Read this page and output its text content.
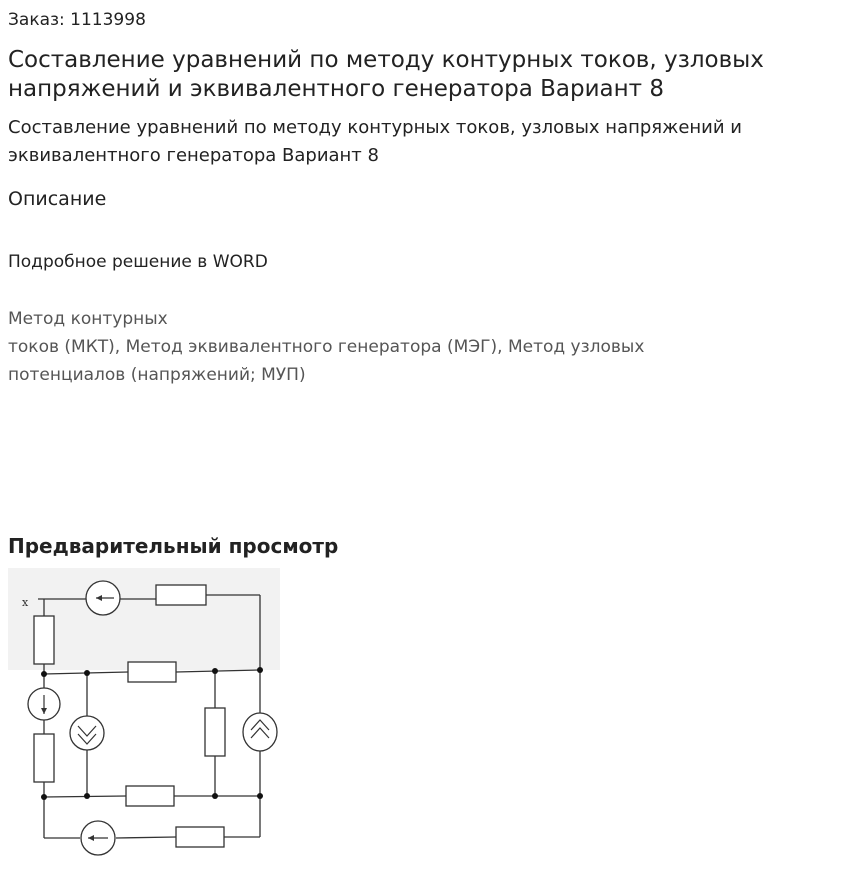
Заказ: 1113998
Составление уравнений по методу контурных токов, узловых напряжений и эквивалентного генератора Вариант 8
Составление уравнений по методу контурных токов, узловых напряжений и эквивалентного генератора Вариант 8
Описание
Подробное решение в WORD
Метод контурных
токов (МКТ), Метод эквивалентного генератора (МЭГ), Метод узловых
потенциалов (напряжений; МУП)
Предварительный просмотр
x
